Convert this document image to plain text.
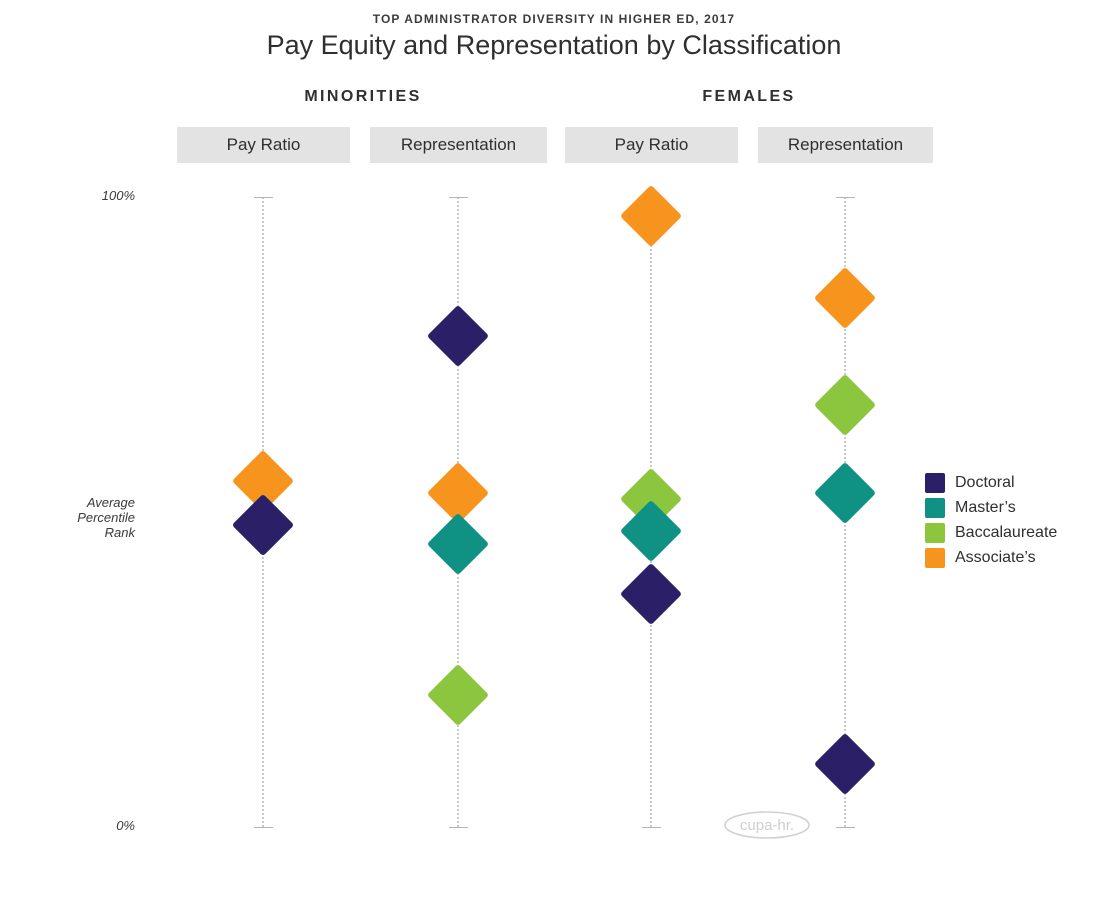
TOP ADMINISTRATOR DIVERSITY IN HIGHER ED, 2017
Pay Equity and Representation by Classification
MINORITIES	FEMALES
Pay Ratio	Representation	Pay Ratio	Representation
100%
0%
Average
Percentile
Rank
Doctoral
Master’s
Baccalaureate
Associate’s
cupa-hr.
